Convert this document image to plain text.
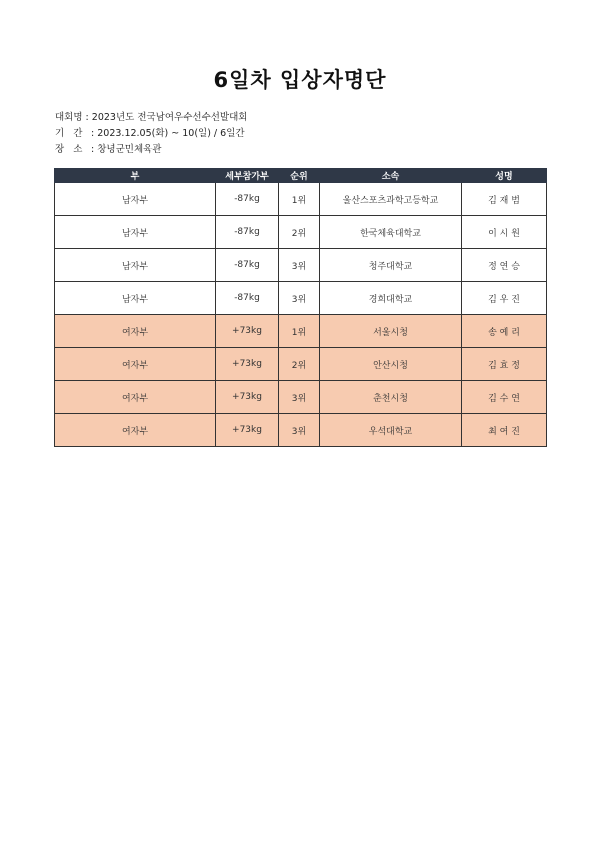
6일차 입상자명단
대회명 : 2023년도 전국남여우수선수선발대회
기   간 : 2023.12.05(화) ~ 10(일) / 6일간
장   소 : 창녕군민체육관
부	세부참가부	순위	소속	성명
남자부	-87kg	1위	울산스포츠과학고등학교	김 재 범
남자부	-87kg	2위	한국체육대학교	이 시 원
남자부	-87kg	3위	청주대학교	정 연 승
남자부	-87kg	3위	경희대학교	김 우 진
여자부	+73kg	1위	서울시청	송 예 리
여자부	+73kg	2위	안산시청	김 효 정
여자부	+73kg	3위	춘천시청	김 수 연
여자부	+73kg	3위	우석대학교	최 여 진
